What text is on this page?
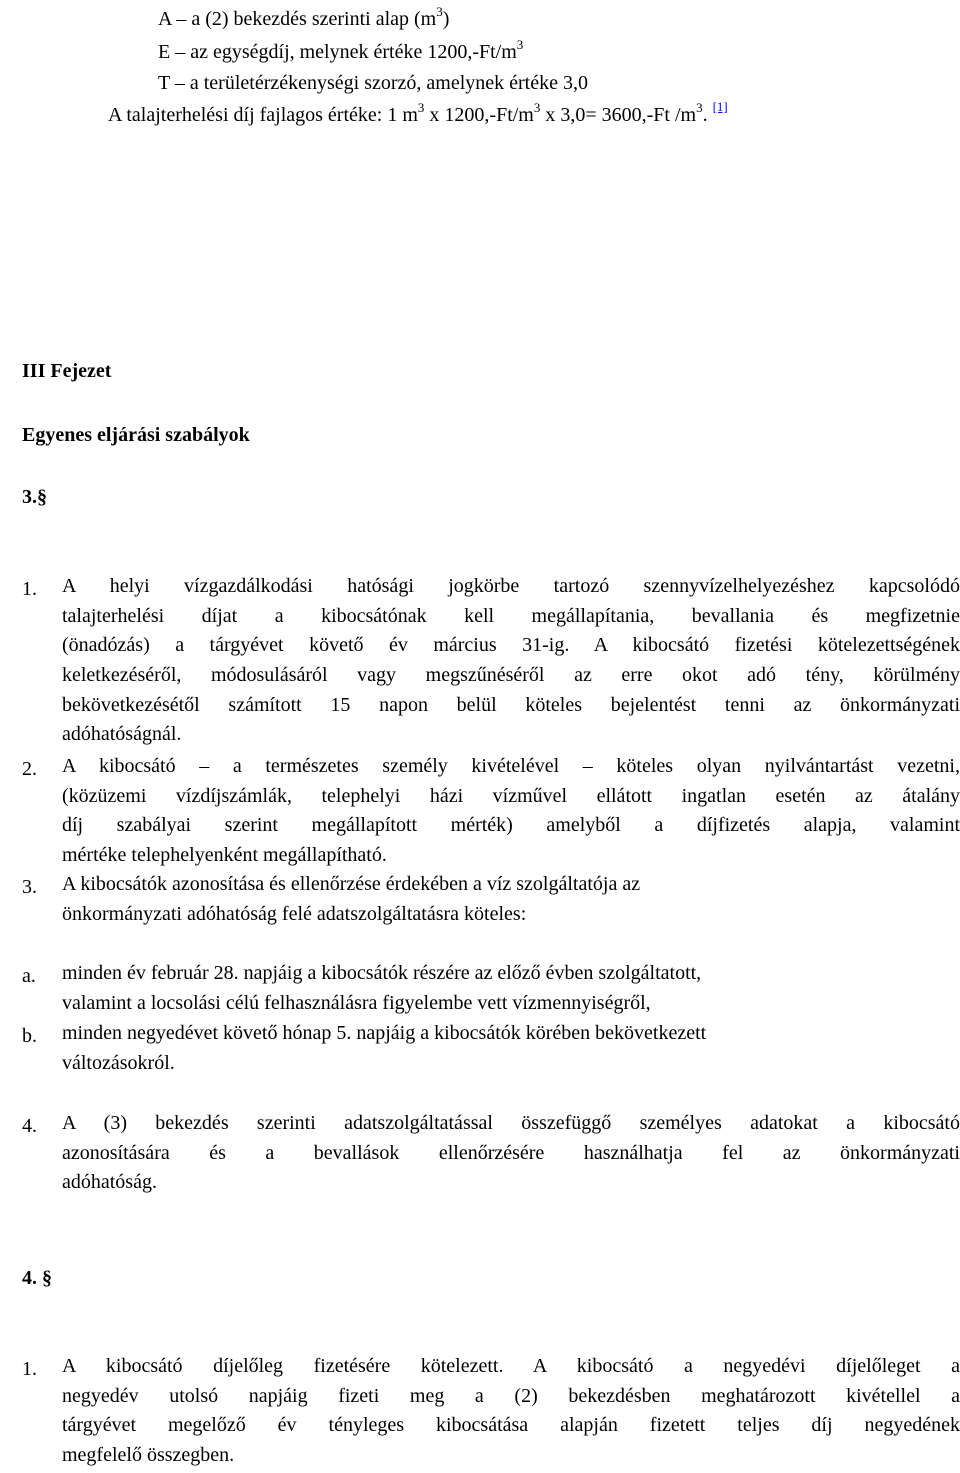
A – a (2) bekezdés szerinti alap $(m^3)$
E – az egységdíj, melynek értéke $1200,-Ft/m^3$
T – a területérzékenységi szorzó, amelynek értéke 3,0
A talajterhelési díj fajlagos értéke: 1 $m^3$ x $1200,-Ft/m^3$ x 3,0= 3600,-Ft $/m^3$. [1]
III Fejezet
Egyenes eljárási szabályok
3.§
1. A helyi vízgazdálkodási hatósági jogkörbe tartozó szennyvízelhelyezéshez kapcsolódó
talajterhelési díjat a kibocsátónak kell megállapítania, bevallania és megfizetnie
(önadózás) a tárgyévet követő év március 31-ig. A kibocsátó fizetési kötelezettségének
keletkezéséről, módosulásáról vagy megszűnéséről az erre okot adó tény, körülmény
bekövetkezésétől számított 15 napon belül köteles bejelentést tenni az önkormányzati
adóhatóságnál.
2. A kibocsátó – a természetes személy kivételével – köteles olyan nyilvántartást vezetni,
(közüzemi vízdíjszámlák, telephelyi házi vízművel ellátott ingatlan esetén az átalány
díj szabályai szerint megállapított mérték) amelyből a díjfizetés alapja, valamint
mértéke telephelyenként megállapítható.
3. A kibocsátók azonosítása és ellenőrzése érdekében a víz szolgáltatója az
önkormányzati adóhatóság felé adatszolgáltatásra köteles:
a. minden év február 28. napjáig a kibocsátók részére az előző évben szolgáltatott,
valamint a locsolási célú felhasználásra figyelembe vett vízmennyiségről,
b. minden negyedévet követő hónap 5. napjáig a kibocsátók körében bekövetkezett
változásokról.
4. A (3) bekezdés szerinti adatszolgáltatással összefüggő személyes adatokat a kibocsátó
azonosítására és a bevallások ellenőrzésére használhatja fel az önkormányzati
adóhatóság.
4. §
1. A kibocsátó díjelőleg fizetésére kötelezett. A kibocsátó a negyedévi díjelőleget a
negyedév utolsó napjáig fizeti meg a (2) bekezdésben meghatározott kivétellel a
tárgyévet megelőző év tényleges kibocsátása alapján fizetett teljes díj negyedének
megfelelő összegben.
